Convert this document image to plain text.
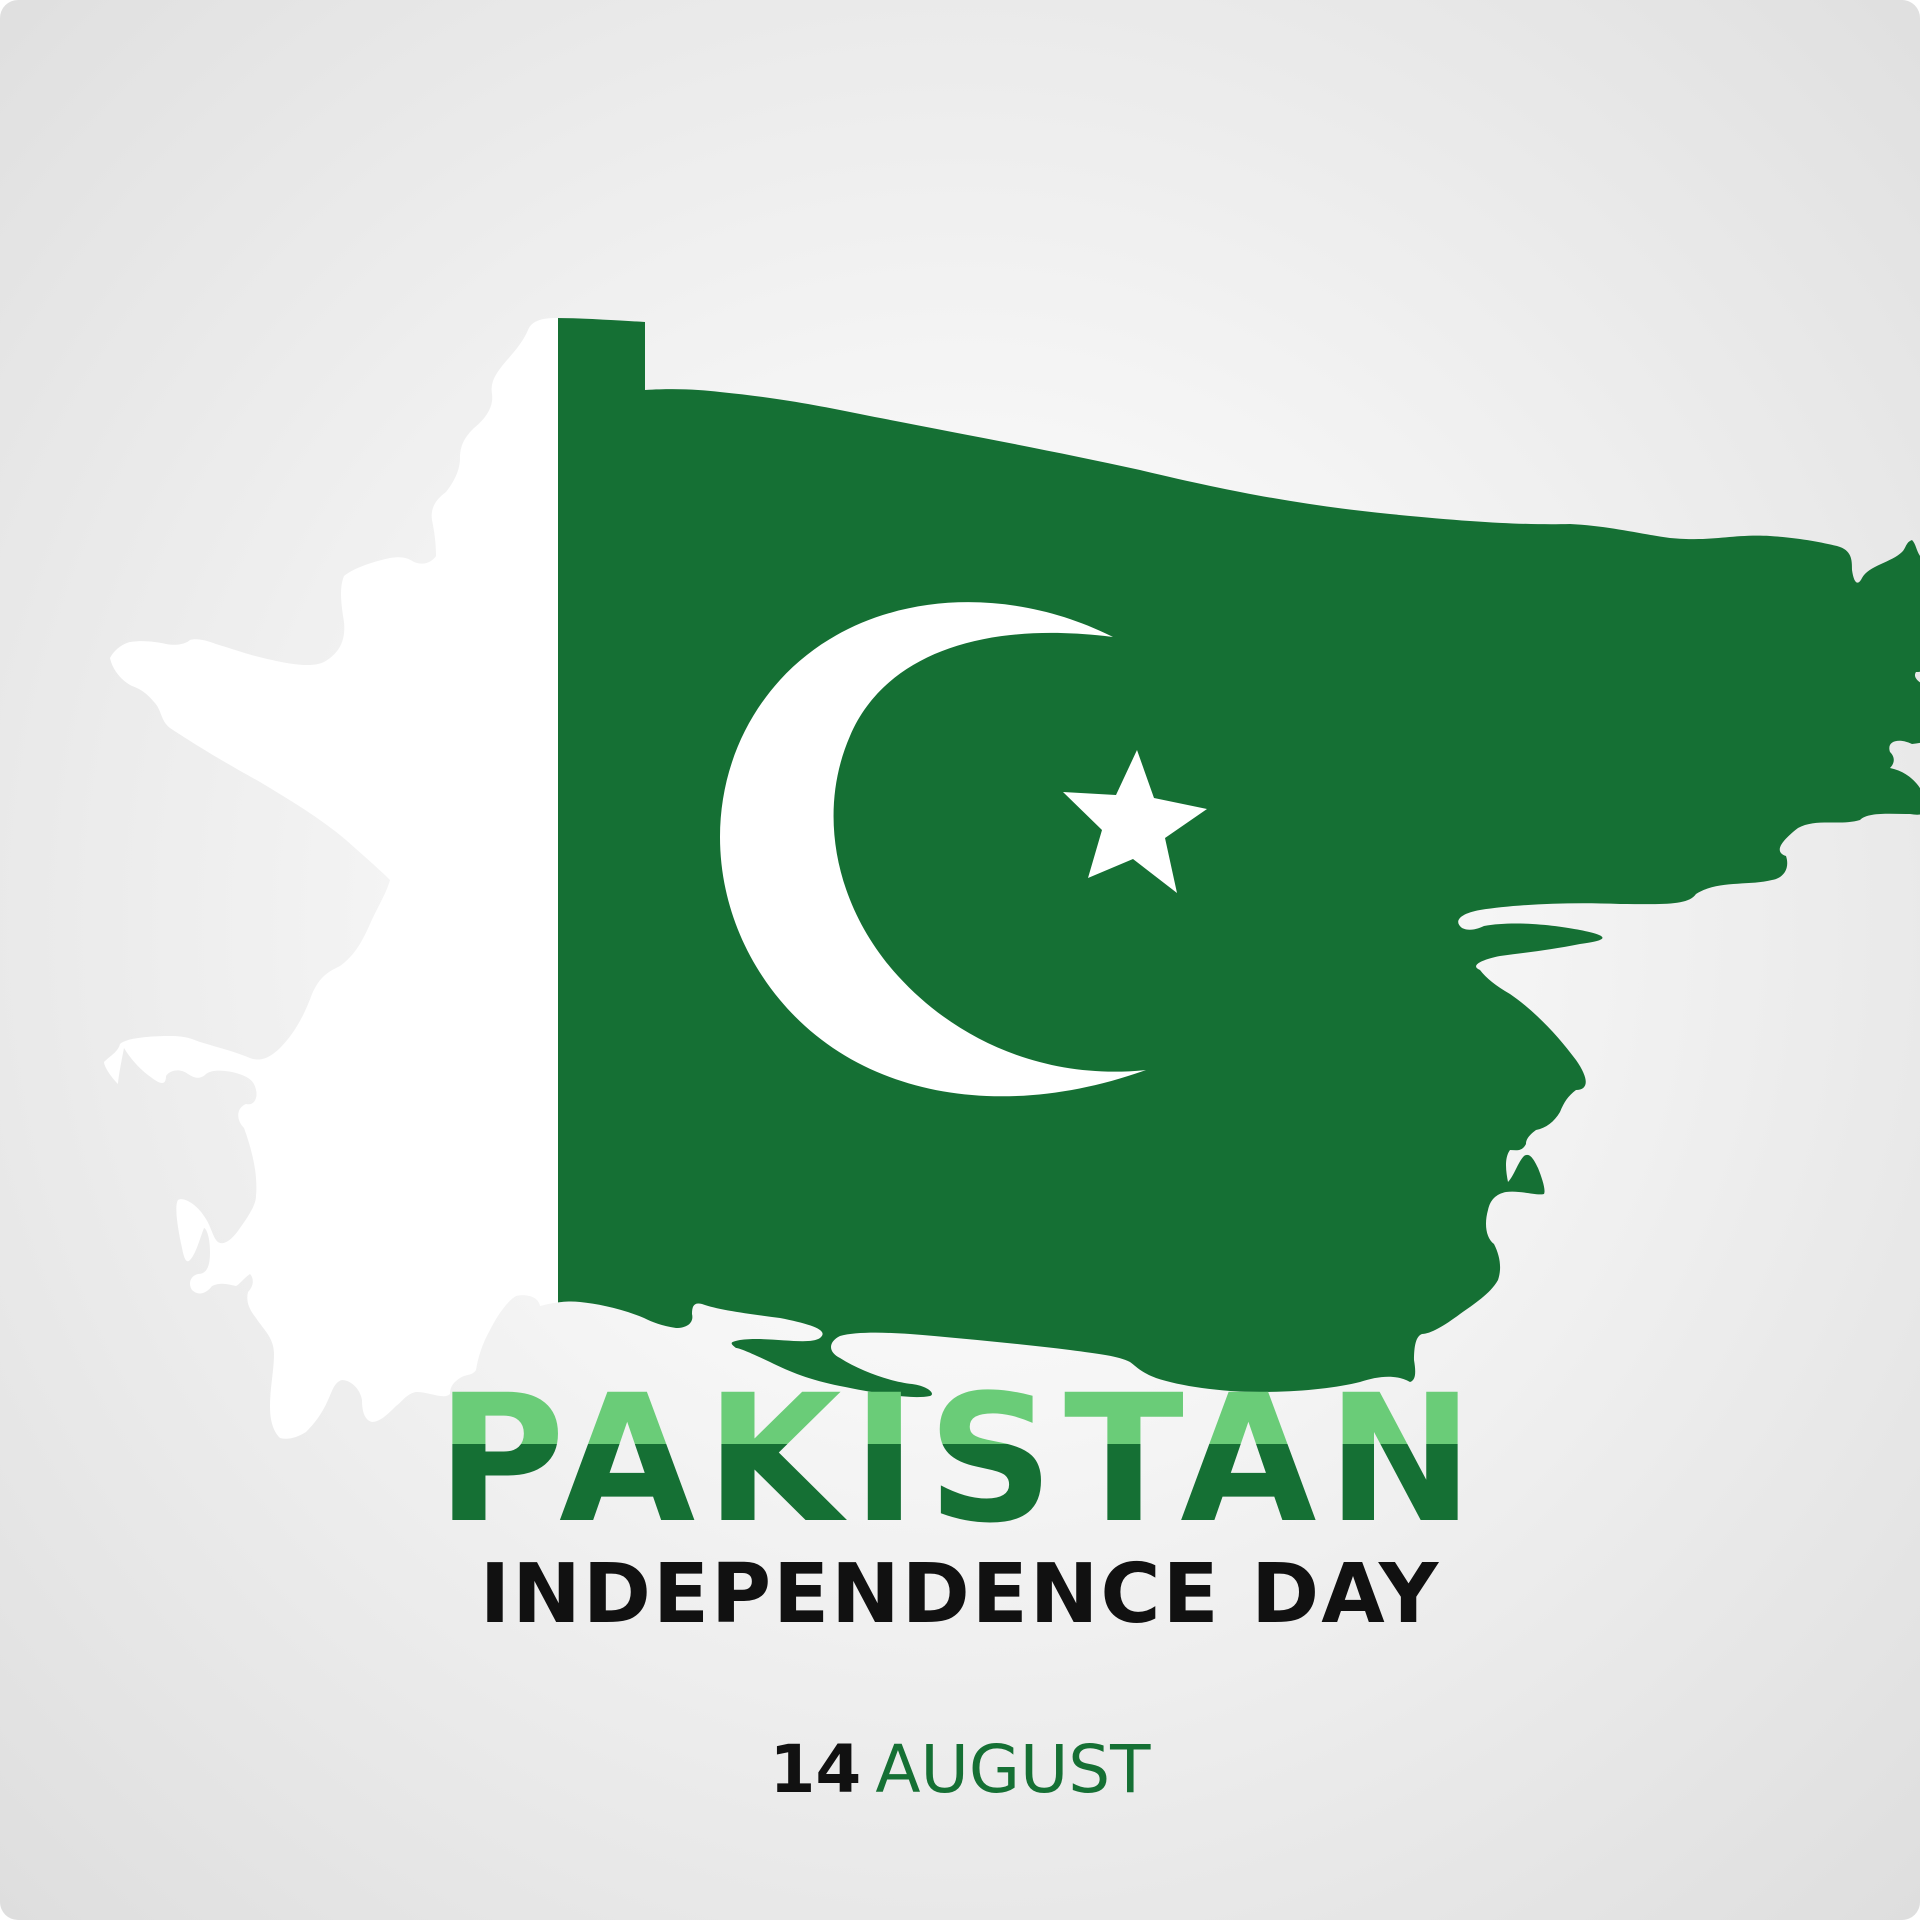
PAKISTAN
INDEPENDENCE DAY
14 AUGUST
